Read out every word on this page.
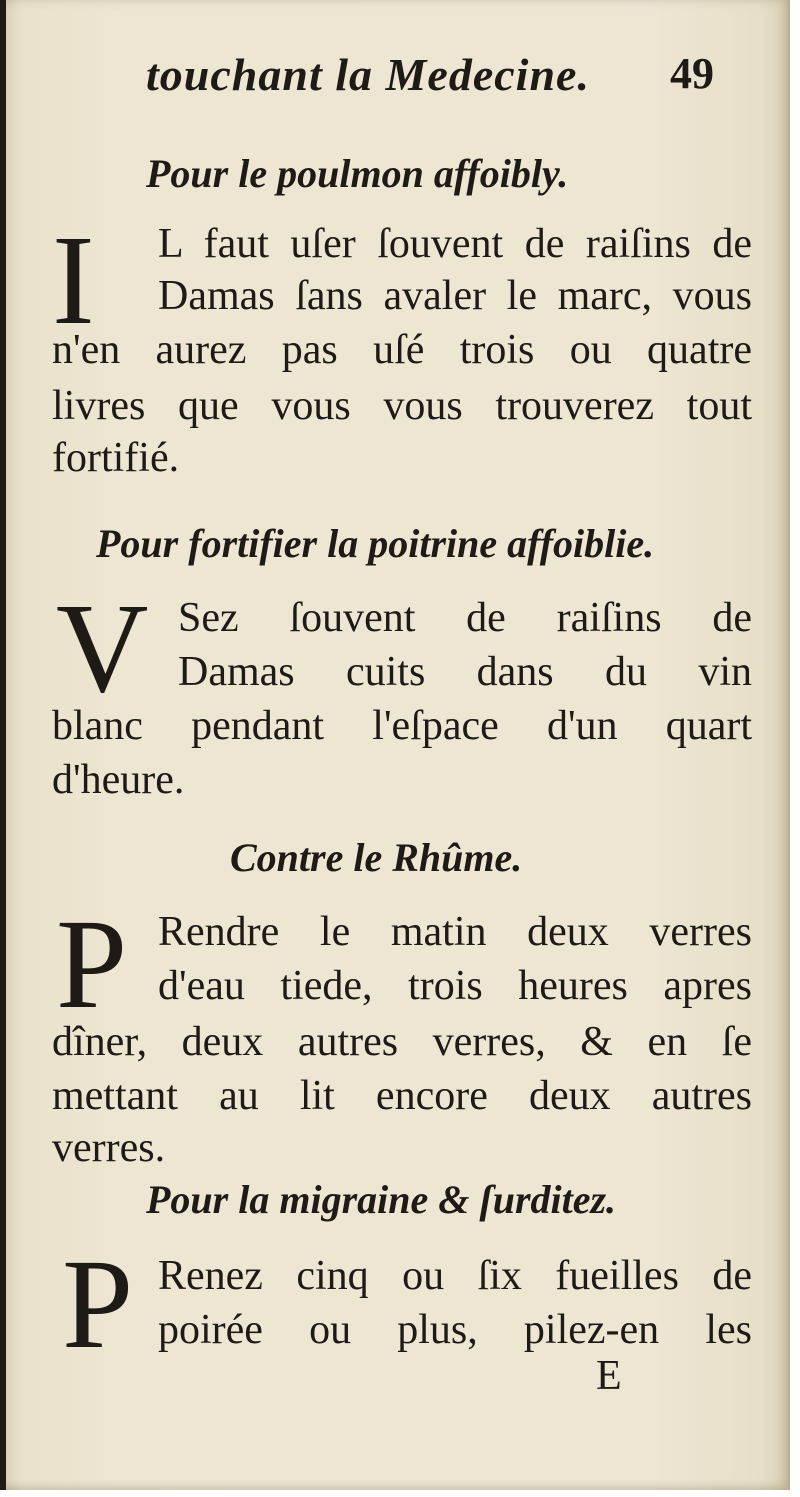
touchant la Medecine. 49
Pour le poulmon affoibly.
I L faut uſer ſouvent de raiſins de
Damas ſans avaler le marc, vous
n'en aurez pas uſé trois ou quatre
livres que vous vous trouverez tout
fortifié.
Pour fortifier la poitrine affoiblie.
V Sez ſouvent de raiſins de
Damas cuits dans du vin
blanc pendant l'eſpace d'un quart
d'heure.
Contre le Rhûme.
P Rendre le matin deux verres
d'eau tiede, trois heures apres
dîner, deux autres verres, & en ſe
mettant au lit encore deux autres
verres.
Pour la migraine & ſurditez.
P Renez cinq ou ſix fueilles de
poirée ou plus, pilez-en les
E
